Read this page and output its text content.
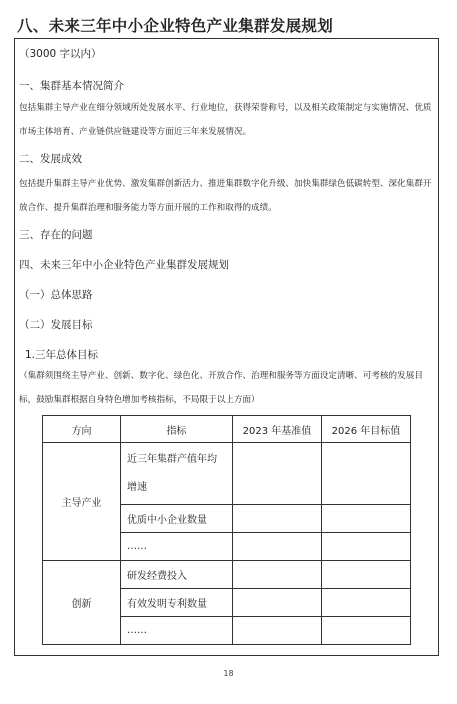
八、未来三年中小企业特色产业集群发展规划
（3000 字以内）
一、集群基本情况简介
包括集群主导产业在细分领域所处发展水平、行业地位，获得荣誉称号，以及相关政策制定与实施情况、优质市场主体培育、产业链供应链建设等方面近三年来发展情况。
二、发展成效
包括提升集群主导产业优势、激发集群创新活力、推进集群数字化升级、加快集群绿色低碳转型、深化集群开放合作、提升集群治理和服务能力等方面开展的工作和取得的成绩。
三、存在的问题
四、未来三年中小企业特色产业集群发展规划
（一）总体思路
（二）发展目标
1.三年总体目标
（集群须围绕主导产业、创新、数字化、绿色化、开放合作、治理和服务等方面设定清晰、可考核的发展目标，鼓励集群根据自身特色增加考核指标，不局限于以上方面）
方向	指标	2023 年基准值	2026 年目标值
主导产业	近三年集群产值年均增速		
	优质中小企业数量		
	……		
创新	研发经费投入		
	有效发明专利数量		
	……		
18
